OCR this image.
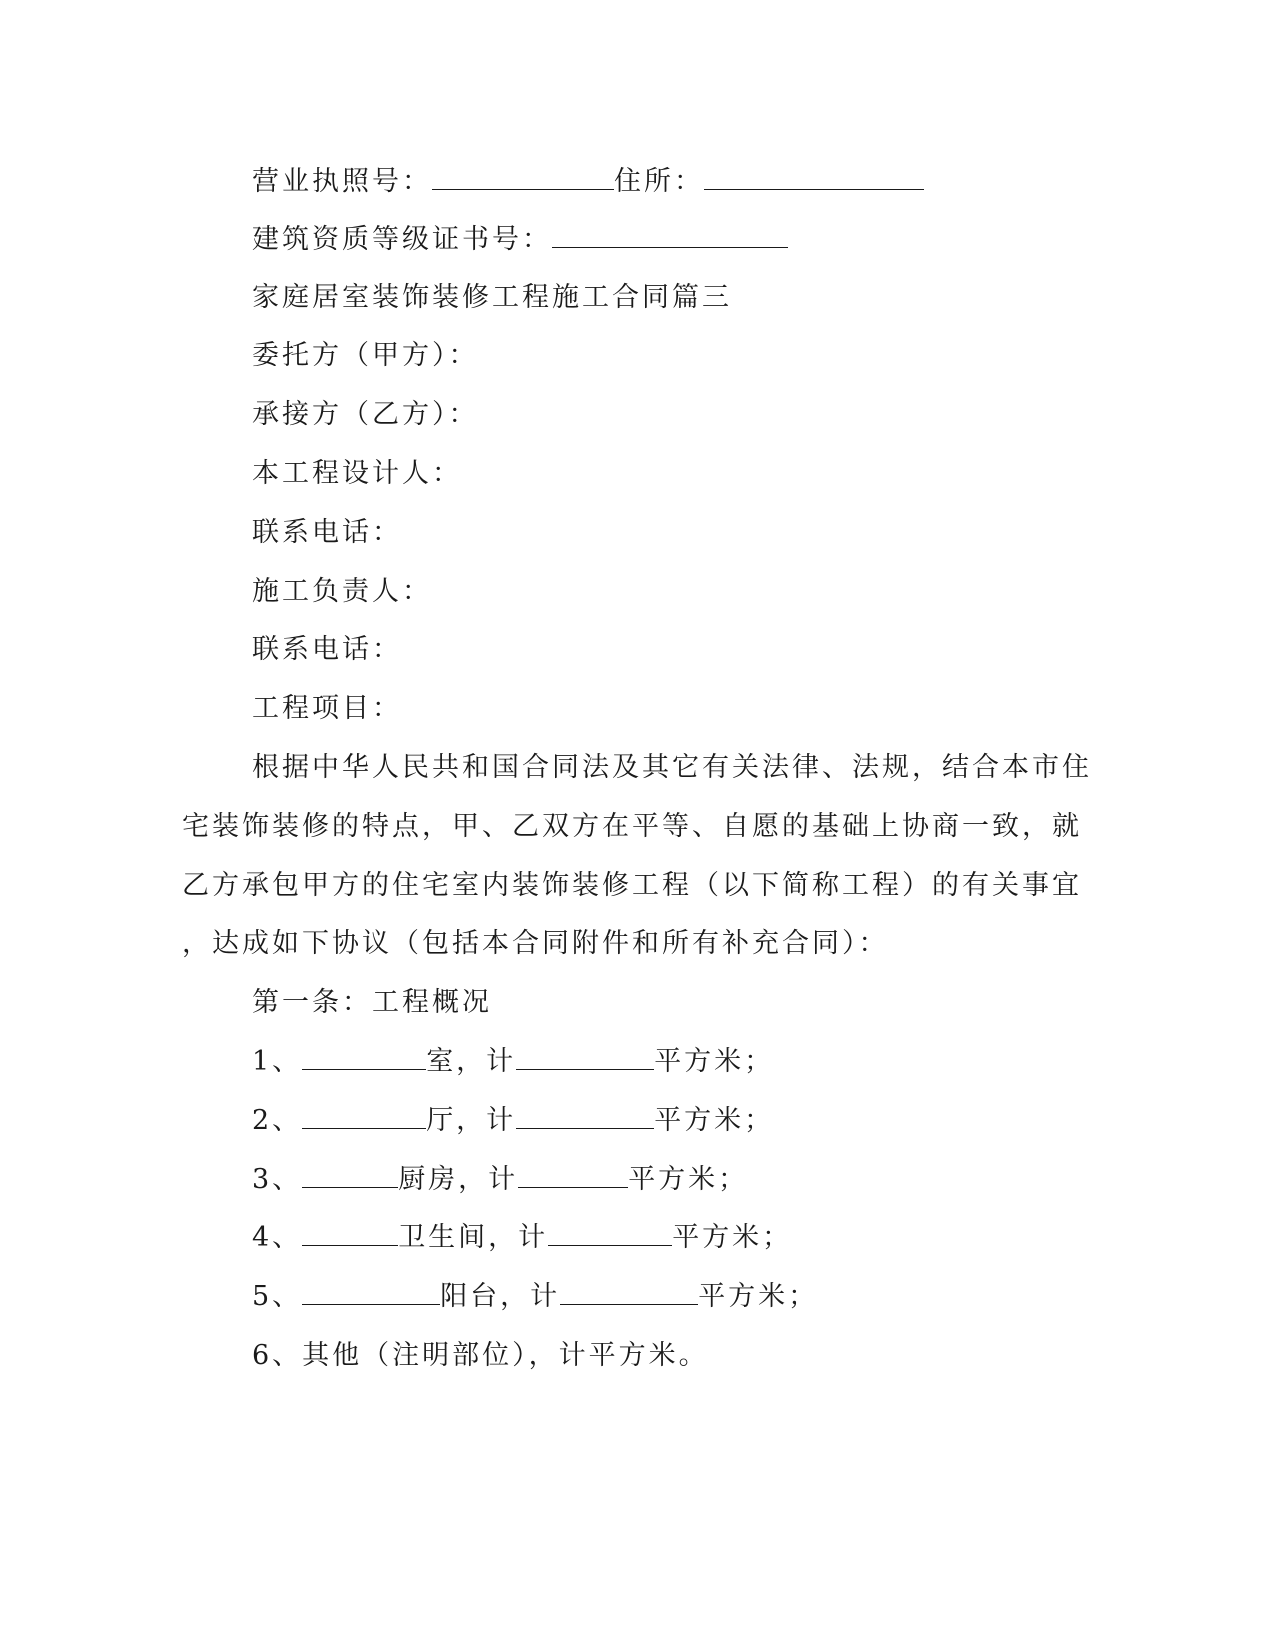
营业执照号：	住所：
建筑资质等级证书号：
家庭居室装饰装修工程施工合同篇三
委托方（甲方）：
承接方（乙方）：
本工程设计人：
联系电话：
施工负责人：
联系电话：
工程项目：
根据中华人民共和国合同法及其它有关法律、法规，结合本市住
宅装饰装修的特点，甲、乙双方在平等、自愿的基础上协商一致，就
乙方承包甲方的住宅室内装饰装修工程（以下简称工程）的有关事宜
，达成如下协议（包括本合同附件和所有补充合同）：
第一条：工程概况
1、	室，计	平方米；
2、	厅，计	平方米；
3、	厨房，计	平方米；
4、	卫生间，计	平方米；
5、	阳台，计	平方米；
6、其他（注明部位），计平方米。
